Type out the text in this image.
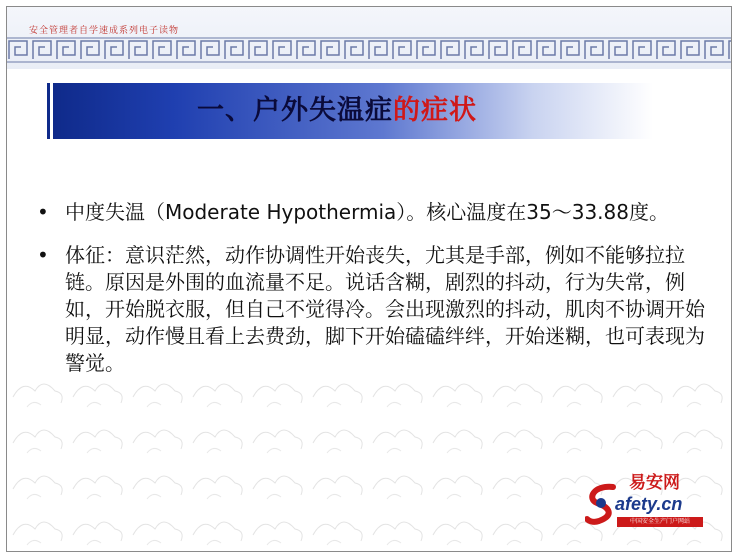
安全管理者自学速成系列电子读物
一、户外失温症的症状
• 中度失温（Moderate Hypothermia）。核心温度在35～33.88度。
• 体征：意识茫然，动作协调性开始丧失，尤其是手部，例如不能够拉拉链。原因是外围的血流量不足。说话含糊，剧烈的抖动，行为失常，例如，开始脱衣服，但自己不觉得冷。会出现激烈的抖动，肌肉不协调开始明显，动作慢且看上去费劲，脚下开始磕磕绊绊，开始迷糊，也可表现为警觉。
易安网
afety.cn
中国安全生产门户网站
